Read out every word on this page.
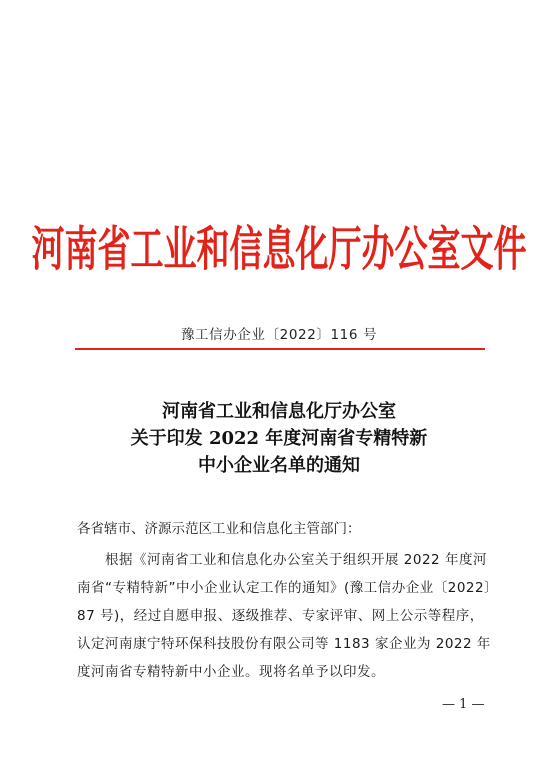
河南省工业和信息化厅办公室文件
豫工信办企业〔2022〕116 号
河南省工业和信息化厅办公室
关于印发 2022 年度河南省专精特新
中小企业名单的通知
各省辖市、济源示范区工业和信息化主管部门：
根据《河南省工业和信息化办公室关于组织开展 2022 年度河
南省“专精特新”中小企业认定工作的通知》(豫工信办企业〔2022〕
87 号)，经过自愿申报、逐级推荐、专家评审、网上公示等程序，
认定河南康宁特环保科技股份有限公司等 1183 家企业为 2022 年
度河南省专精特新中小企业。现将名单予以印发。
— 1 —
